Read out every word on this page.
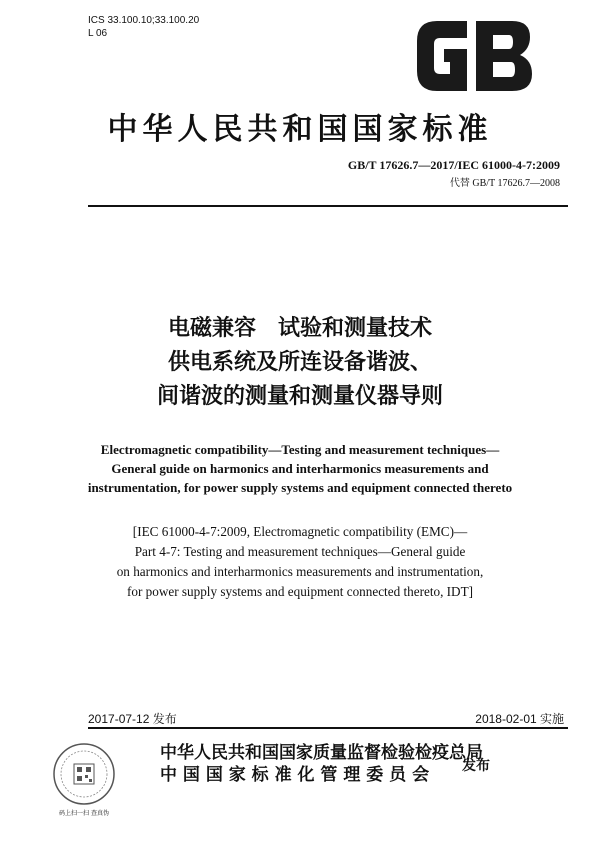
ICS 33.100.10;33.100.20
L 06
中华人民共和国国家标准
GB/T 17626.7—2017/IEC 61000-4-7:2009
代替 GB/T 17626.7—2008
电磁兼容　试验和测量技术
供电系统及所连设备谐波、
间谐波的测量和测量仪器导则
Electromagnetic compatibility—Testing and measurement techniques—
General guide on harmonics and interharmonics measurements and
instrumentation, for power supply systems and equipment connected thereto
[IEC 61000-4-7:2009, Electromagnetic compatibility (EMC)—
Part 4-7: Testing and measurement techniques—General guide
on harmonics and interharmonics measurements and instrumentation,
for power supply systems and equipment connected thereto, IDT]
2017-07-12 发布	2018-02-01 实施
码上扫一扫 查真伪
中华人民共和国国家质量监督检验检疫总局
中 国 国 家 标 准 化 管 理 委 员 会	发布
